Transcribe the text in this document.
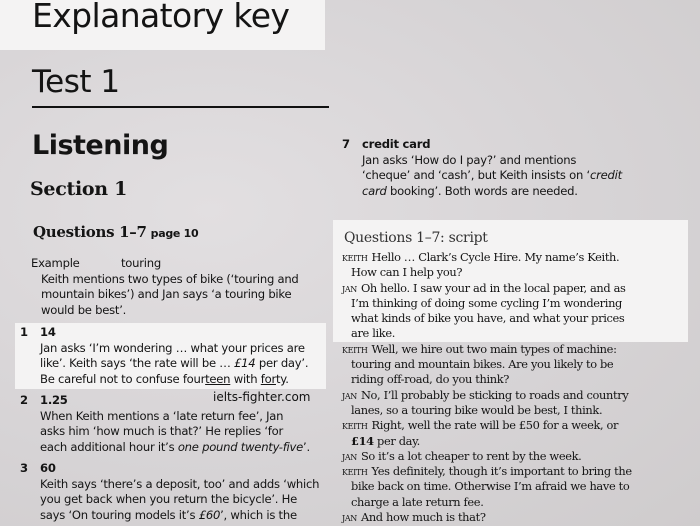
Explanatory key
Test 1
Listening
Section 1
Questions 1–7 page 10
Example	touring
Keith mentions two types of bike (‘touring and mountain bikes’) and Jan says ‘a touring bike would be best’.
1 14
Jan asks ‘I’m wondering … what your prices are like’. Keith says ‘the rate will be … £14 per day’. Be careful not to confuse fourteen with forty.
2 1.25
When Keith mentions a ‘late return fee’, Jan asks him ‘how much is that?’ He replies ‘for each additional hour it’s one pound twenty-five’.
ielts-fighter.com
3 60
Keith says ‘there’s a deposit, too’ and adds ‘which you get back when you return the bicycle’. He says ‘On touring models it’s £60’, which is the
7 credit card
Jan asks ‘How do I pay?’ and mentions ‘cheque’ and ‘cash’, but Keith insists on ‘credit card booking’. Both words are needed.
Questions 1–7: script
keith Hello … Clark’s Cycle Hire. My name’s Keith. How can I help you?
jan Oh hello. I saw your ad in the local paper, and as I’m thinking of doing some cycling I’m wondering what kinds of bike you have, and what your prices are like.
keith Well, we hire out two main types of machine: touring and mountain bikes. Are you likely to be riding off-road, do you think?
jan No, I’ll probably be sticking to roads and country lanes, so a touring bike would be best, I think.
keith Right, well the rate will be £50 for a week, or £14 per day.
jan So it’s a lot cheaper to rent by the week.
keith Yes definitely, though it’s important to bring the bike back on time. Otherwise I’m afraid we have to charge a late return fee.
jan And how much is that?
